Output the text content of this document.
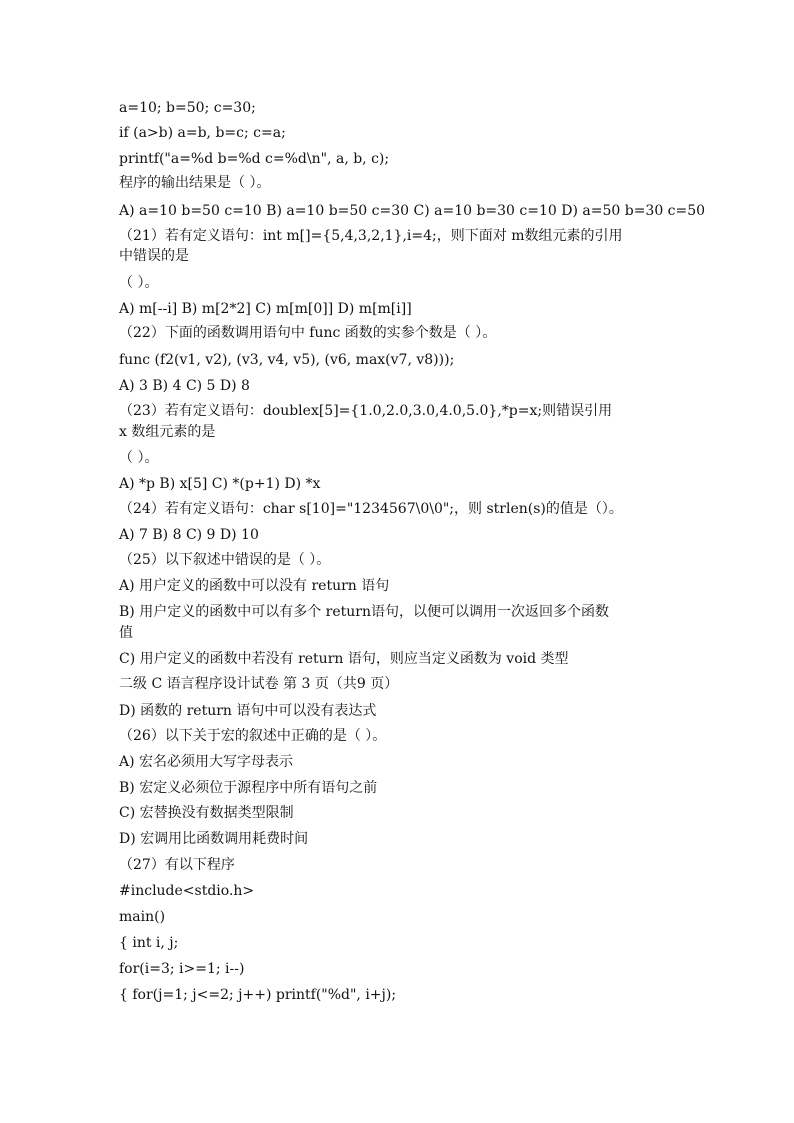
a=10; b=50; c=30;
if (a>b) a=b, b=c; c=a;
printf("a=%d b=%d c=%d\n", a, b, c);
程序的输出结果是（ ）。
A) a=10 b=50 c=10 B) a=10 b=50 c=30 C) a=10 b=30 c=10 D) a=50 b=30 c=50
（21）若有定义语句：int m[]={5,4,3,2,1},i=4;，则下面对 m数组元素的引用
中错误的是
（ ）。
A) m[--i] B) m[2*2] C) m[m[0]] D) m[m[i]]
（22）下面的函数调用语句中 func 函数的实参个数是（ ）。
func (f2(v1, v2), (v3, v4, v5), (v6, max(v7, v8)));
A) 3 B) 4 C) 5 D) 8
（23）若有定义语句：doublex[5]={1.0,2.0,3.0,4.0,5.0},*p=x;则错误引用
x 数组元素的是
（ ）。
A) *p B) x[5] C) *(p+1) D) *x
（24）若有定义语句：char s[10]="1234567\0\0";，则 strlen(s)的值是（）。
A) 7 B) 8 C) 9 D) 10
（25）以下叙述中错误的是（ ）。
A) 用户定义的函数中可以没有 return 语句
B) 用户定义的函数中可以有多个 return语句，以便可以调用一次返回多个函数
值
C) 用户定义的函数中若没有 return 语句，则应当定义函数为 void 类型
二级 C 语言程序设计试卷 第 3 页（共9 页）
D) 函数的 return 语句中可以没有表达式
（26）以下关于宏的叙述中正确的是（ ）。
A) 宏名必须用大写字母表示
B) 宏定义必须位于源程序中所有语句之前
C) 宏替换没有数据类型限制
D) 宏调用比函数调用耗费时间
（27）有以下程序
#include<stdio.h>
main()
{ int i, j;
for(i=3; i>=1; i--)
{ for(j=1; j<=2; j++) printf("%d", i+j);
